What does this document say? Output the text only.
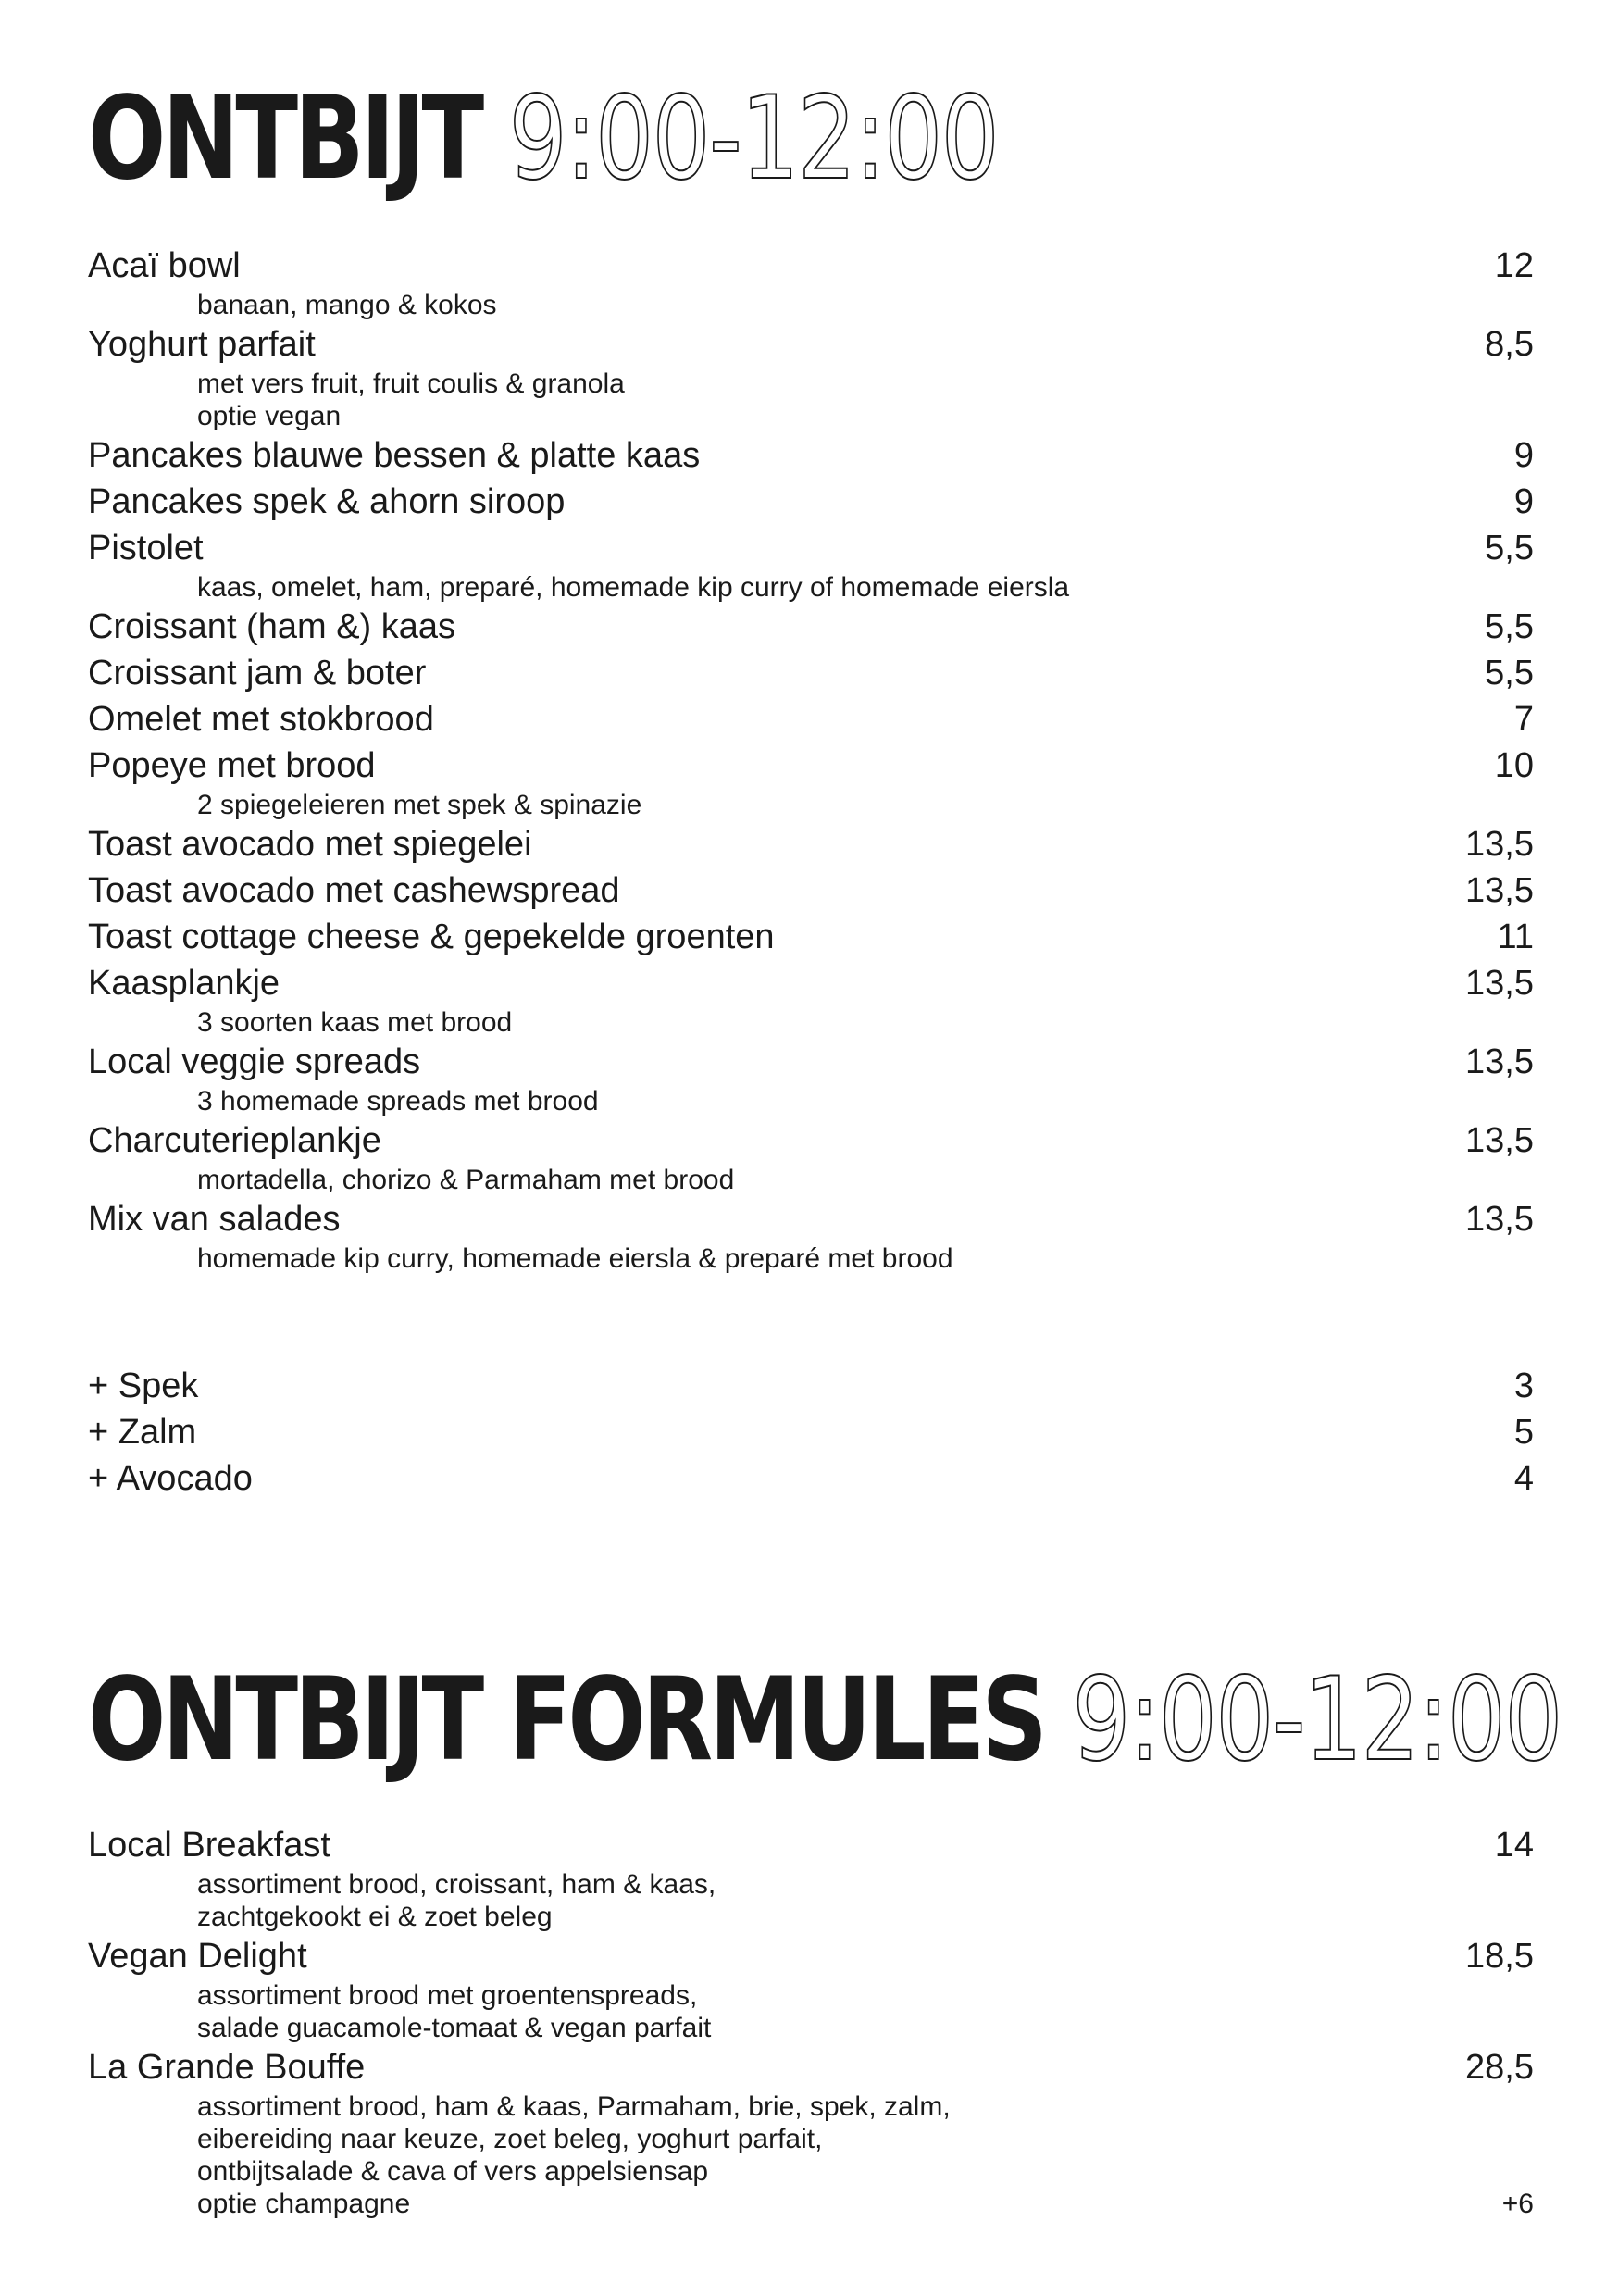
ONTBIJT 9:00-12:00
Acaï bowl	12
banaan, mango & kokos
Yoghurt parfait	8,5
met vers fruit, fruit coulis & granola
optie vegan
Pancakes blauwe bessen & platte kaas	9
Pancakes spek & ahorn siroop	9
Pistolet	5,5
kaas, omelet, ham, preparé, homemade kip curry of homemade eiersla
Croissant (ham &) kaas	5,5
Croissant jam & boter	5,5
Omelet met stokbrood	7
Popeye met brood	10
2 spiegeleieren met spek & spinazie
Toast avocado met spiegelei	13,5
Toast avocado met cashewspread	13,5
Toast cottage cheese & gepekelde groenten	11
Kaasplankje	13,5
3 soorten kaas met brood
Local veggie spreads	13,5
3 homemade spreads met brood
Charcuterieplankje	13,5
mortadella, chorizo & Parmaham met brood
Mix van salades	13,5
homemade kip curry, homemade eiersla & preparé met brood
+ Spek	3
+ Zalm	5
+ Avocado	4
ONTBIJT FORMULES 9:00-12:00
Local Breakfast	14
assortiment brood, croissant, ham & kaas,
zachtgekookt ei & zoet beleg
Vegan Delight	18,5
assortiment brood met groentenspreads,
salade guacamole-tomaat & vegan parfait
La Grande Bouffe	28,5
assortiment brood, ham & kaas, Parmaham, brie, spek, zalm,
eibereiding naar keuze, zoet beleg, yoghurt parfait,
ontbijtsalade & cava of vers appelsiensap
optie champagne	+6
